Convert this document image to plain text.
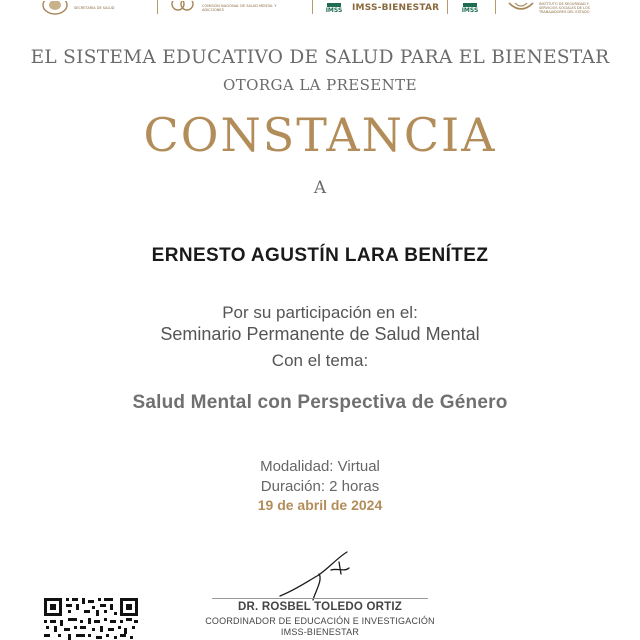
SECRETARÍA DE SALUD	COMISIÓN NACIONAL DE SALUD MENTAL Y ADICCIONES	IMSS IMSS-BIENESTAR	IMSS
INSTITUTO DE SEGURIDAD Y SERVICIOS SOCIALES DE LOS TRABAJADORES DEL ESTADO
EL SISTEMA EDUCATIVO DE SALUD PARA EL BIENESTAR
OTORGA LA PRESENTE
CONSTANCIA
A
ERNESTO AGUSTÍN LARA BENÍTEZ
Por su participación en el:
Seminario Permanente de Salud Mental
Con el tema:
Salud Mental con Perspectiva de Género
Modalidad: Virtual
Duración: 2 horas
19 de abril de 2024
DR. ROSBEL TOLEDO ORTIZ
COORDINADOR DE EDUCACIÓN E INVESTIGACIÓN
IMSS-BIENESTAR
